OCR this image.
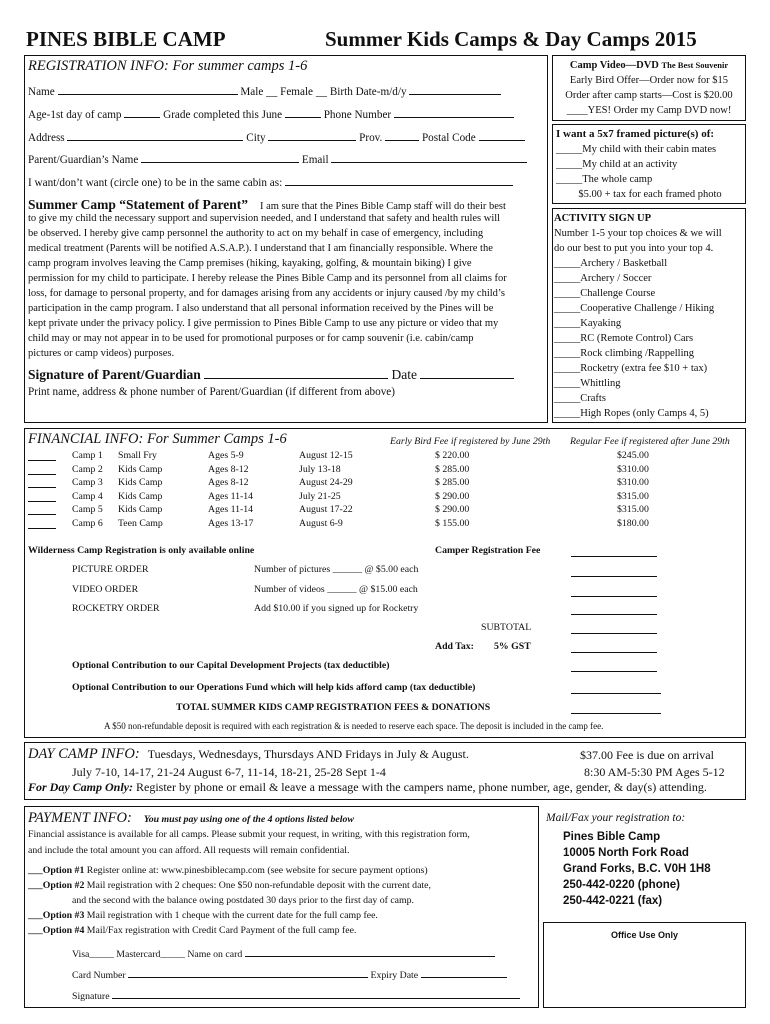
PINES BIBLE CAMP	Summer Kids Camps & Day Camps 2015
REGISTRATION INFO: For summer camps 1-6
Name	Male __ Female __ Birth Date-m/d/y
Age-1st day of camp	Grade completed this June	Phone Number
Address	City	Prov.	Postal Code
Parent/Guardian’s Name	Email
I want/don’t want (circle one) to be in the same cabin as:
Summer Camp “Statement of Parent” I am sure that the Pines Bible Camp staff will do their best
to give my child the necessary support and supervision needed, and I understand that safety and health rules will
be observed. I hereby give camp personnel the authority to act on my behalf in case of emergency, including
medical treatment (Parents will be notified A.S.A.P.). I understand that I am financially responsible. Where the
camp program involves leaving the Camp premises (hiking, kayaking, golfing, & mountain biking) I give
permission for my child to participate. I hereby release the Pines Bible Camp and its personnel from all claims for
loss, for damage to personal property, and for damages arising from any accidents or injury caused /by my child’s
participation in the camp program. I also understand that all personal information received by the Pines will be
kept private under the privacy policy. I give permission to Pines Bible Camp to use any picture or video that my
child may or may not appear in to be used for promotional purposes or for camp souvenir (i.e. cabin/camp
pictures or camp videos) purposes.
Signature of Parent/Guardian	Date
Print name, address & phone number of Parent/Guardian (if different from above)
Camp Video—DVD The Best Souvenir
Early Bird Offer—Order now for $15
Order after camp starts—Cost is $20.00
____YES! Order my Camp DVD now!
I want a 5x7 framed picture(s) of:
_____My child with their cabin mates
_____My child at an activity
_____The whole camp
$5.00 + tax for each framed photo
ACTIVITY SIGN UP
Number 1-5 your top choices & we will
do our best to put you into your top 4.
_____Archery / Basketball
_____Archery / Soccer
_____Challenge Course
_____Cooperative Challenge / Hiking
_____Kayaking
_____RC (Remote Control) Cars
_____Rock climbing /Rappelling
_____Rocketry (extra fee $10 + tax)
_____Whittling
_____Crafts
_____High Ropes (only Camps 4, 5)
FINANCIAL INFO: For Summer Camps 1-6	Early Bird Fee if registered by June 29th Regular Fee if registered after June 29th
Camp 1 Small Fry	Ages 5-9	August 12-15	$ 220.00	$245.00
Camp 2 Kids Camp	Ages 8-12	July 13-18	$ 285.00	$310.00
Camp 3 Kids Camp	Ages 8-12	August 24-29	$ 285.00	$310.00
Camp 4 Kids Camp	Ages 11-14	July 21-25	$ 290.00	$315.00
Camp 5 Kids Camp	Ages 11-14	August 17-22	$ 290.00	$315.00
Camp 6 Teen Camp	Ages 13-17	August 6-9	$ 155.00	$180.00
Wilderness Camp Registration is only available online	Camper Registration Fee
PICTURE ORDER	Number of pictures ______ @ $5.00 each
VIDEO ORDER	Number of videos ______ @ $15.00 each
ROCKETRY ORDER	Add $10.00 if you signed up for Rocketry
SUBTOTAL
Add Tax: 5% GST
Optional Contribution to our Capital Development Projects (tax deductible)
Optional Contribution to our Operations Fund which will help kids afford camp (tax deductible)
TOTAL SUMMER KIDS CAMP REGISTRATION FEES & DONATIONS
A $50 non-refundable deposit is required with each registration & is needed to reserve each space. The deposit is included in the camp fee.
DAY CAMP INFO: Tuesdays, Wednesdays, Thursdays AND Fridays in July & August.	$37.00 Fee is due on arrival
July 7-10, 14-17, 21-24 August 6-7, 11-14, 18-21, 25-28 Sept 1-4	8:30 AM-5:30 PM Ages 5-12
For Day Camp Only: Register by phone or email & leave a message with the campers name, phone number, age, gender, & day(s) attending.
PAYMENT INFO: You must pay using one of the 4 options listed below
Financial assistance is available for all camps. Please submit your request, in writing, with this registration form,
and include the total amount you can afford. All requests will remain confidential.
___Option #1 Register online at: www.pinesbiblecamp.com (see website for secure payment options)
___Option #2 Mail registration with 2 cheques: One $50 non-refundable deposit with the current date,
and the second with the balance owing postdated 30 days prior to the first day of camp.
___Option #3 Mail registration with 1 cheque with the current date for the full camp fee.
___Option #4 Mail/Fax registration with Credit Card Payment of the full camp fee.
Visa_____ Mastercard_____ Name on card
Card Number	Expiry Date
Signature
Mail/Fax your registration to:
Pines Bible Camp
10005 North Fork Road
Grand Forks, B.C. V0H 1H8
250-442-0220 (phone)
250-442-0221 (fax)
Office Use Only
